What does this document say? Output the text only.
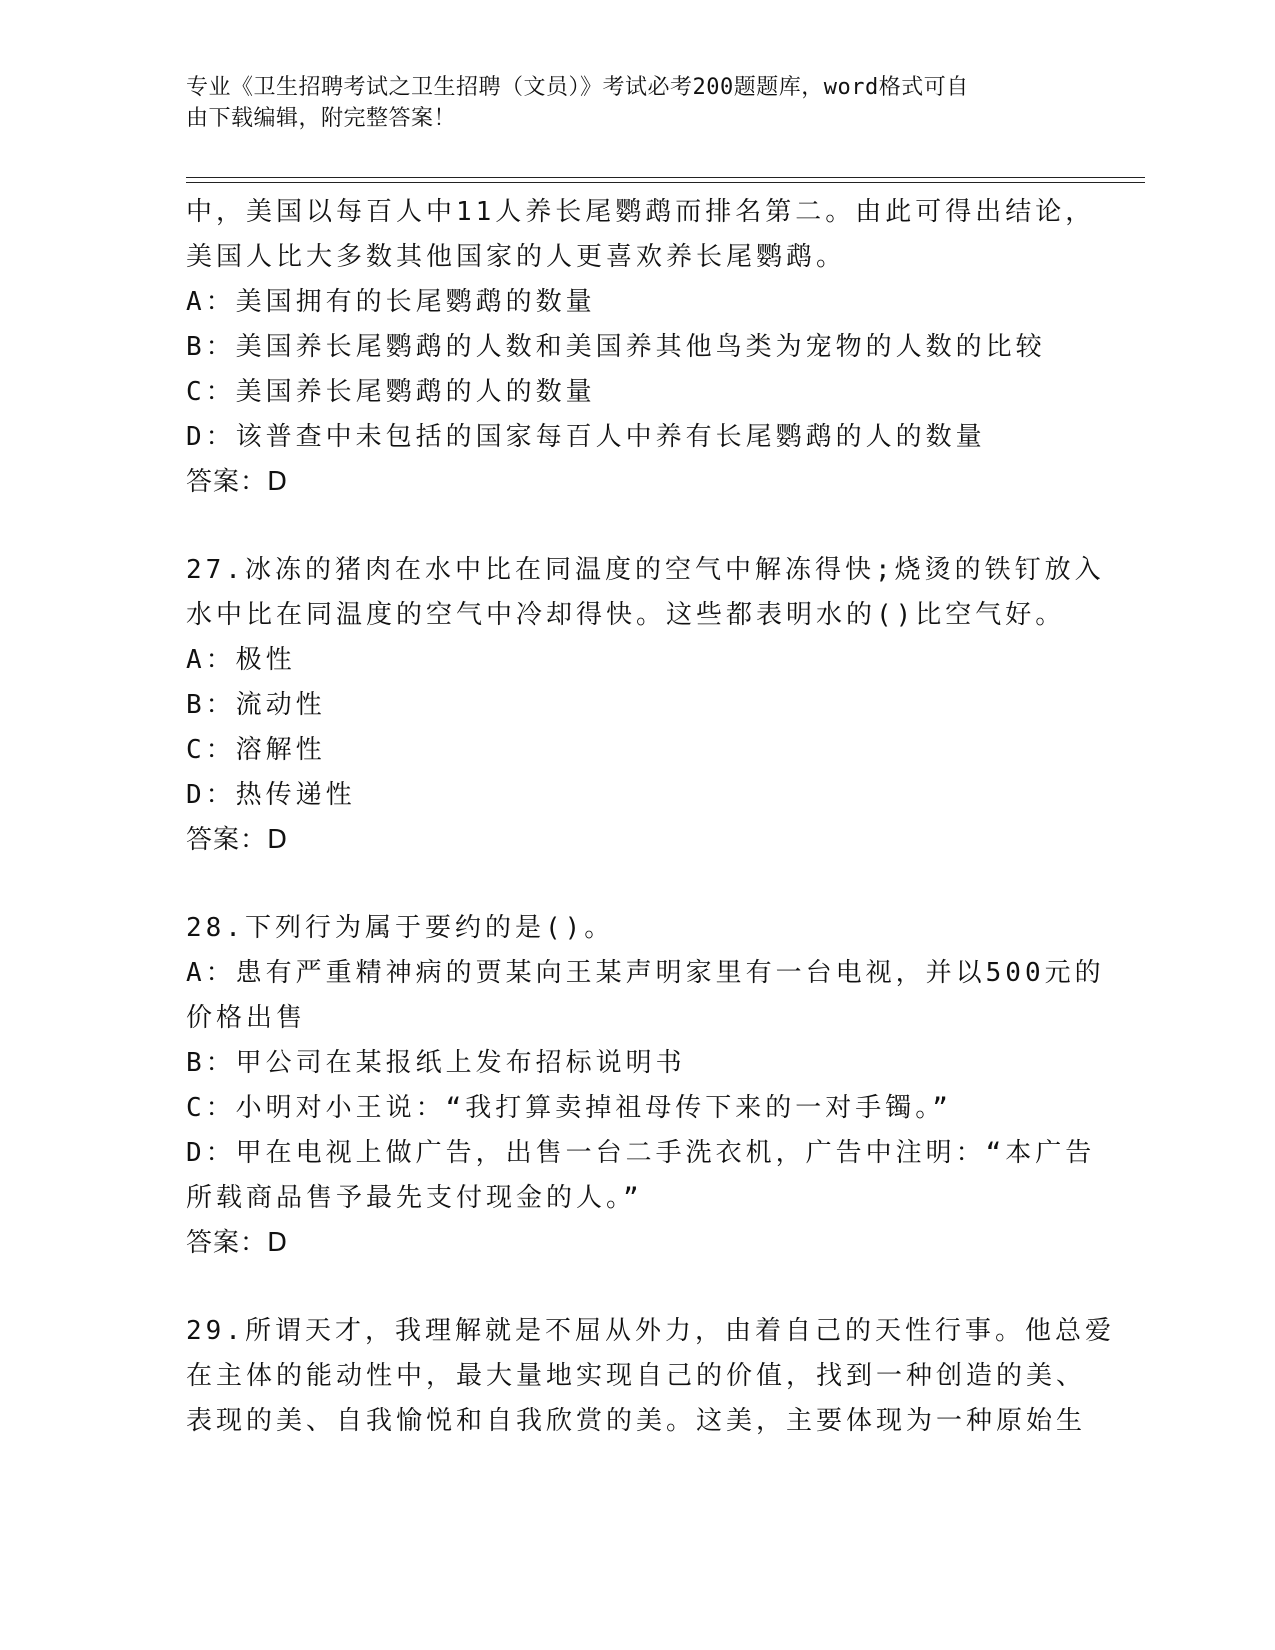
专业《卫生招聘考试之卫生招聘（文员）》考试必考200题题库，word格式可自
由下载编辑，附完整答案！
中，美国以每百人中11人养长尾鹦鹉而排名第二。由此可得出结论，
美国人比大多数其他国家的人更喜欢养长尾鹦鹉。
A：美国拥有的长尾鹦鹉的数量
B：美国养长尾鹦鹉的人数和美国养其他鸟类为宠物的人数的比较
C：美国养长尾鹦鹉的人的数量
D：该普查中未包括的国家每百人中养有长尾鹦鹉的人的数量
答案：D
27.冰冻的猪肉在水中比在同温度的空气中解冻得快;烧烫的铁钉放入
水中比在同温度的空气中冷却得快。这些都表明水的()比空气好。
A：极性
B：流动性
C：溶解性
D：热传递性
答案：D
28.下列行为属于要约的是()。
A：患有严重精神病的贾某向王某声明家里有一台电视，并以500元的
价格出售
B：甲公司在某报纸上发布招标说明书
C：小明对小王说：“我打算卖掉祖母传下来的一对手镯。”
D：甲在电视上做广告，出售一台二手洗衣机，广告中注明：“本广告
所载商品售予最先支付现金的人。”
答案：D
29.所谓天才，我理解就是不屈从外力，由着自己的天性行事。他总爱
在主体的能动性中，最大量地实现自己的价值，找到一种创造的美、
表现的美、自我愉悦和自我欣赏的美。这美，主要体现为一种原始生
